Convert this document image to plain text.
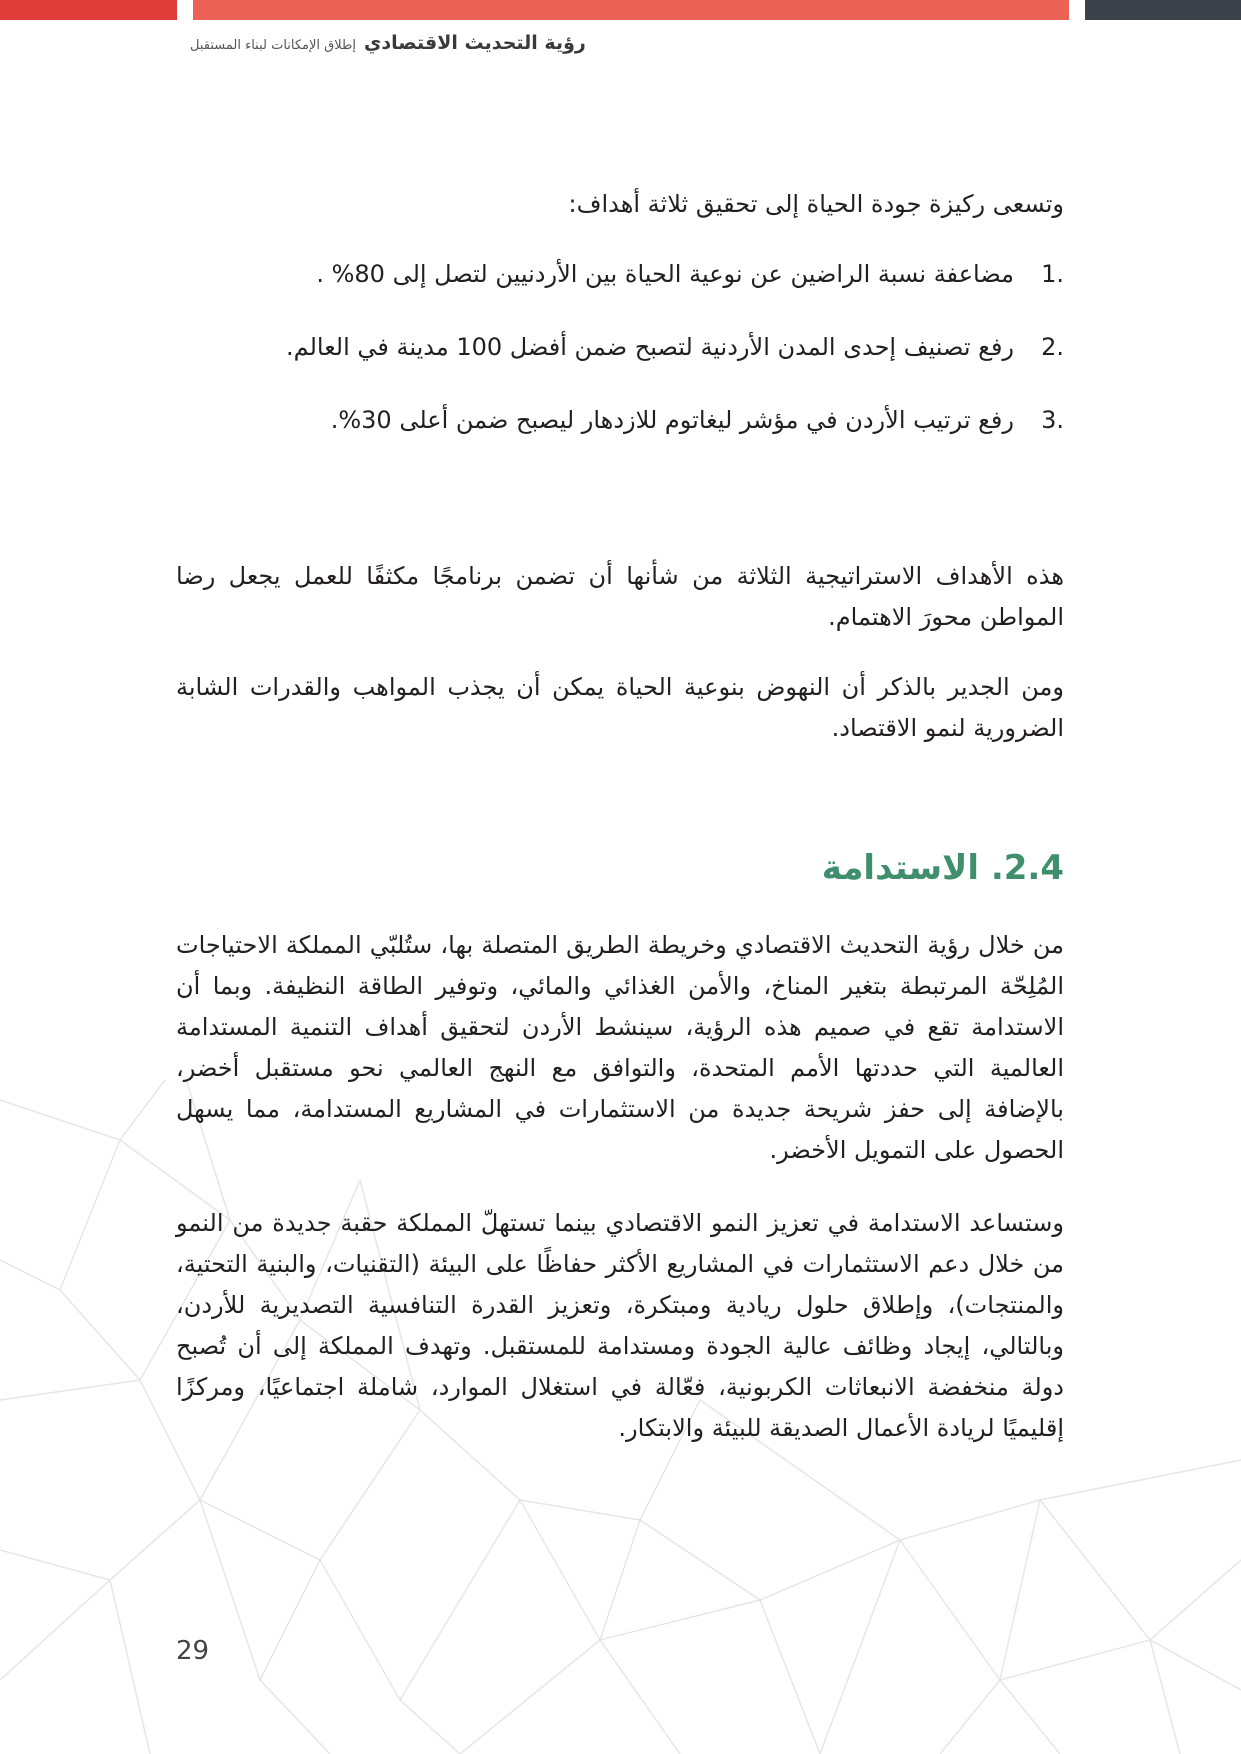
رؤية التحديث الاقتصادي
إطلاق الإمكانات لبناء المستقبل
وتسعى ركيزة جودة الحياة إلى تحقيق ثلاثة أهداف:
1.
مضاعفة نسبة الراضين عن نوعية الحياة بين الأردنيين لتصل إلى 80% .
2.
رفع تصنيف إحدى المدن الأردنية لتصبح ضمن أفضل 100 مدينة في العالم.
3.
رفع ترتيب الأردن في مؤشر ليغاتوم للازدهار ليصبح ضمن أعلى 30%.
هذه الأهداف الاستراتيجية الثلاثة من شأنها أن تضمن برنامجًا مكثفًا للعمل يجعل رضا المواطن محورَ الاهتمام.
ومن الجدير بالذكر أن النهوض بنوعية الحياة يمكن أن يجذب المواهب والقدرات الشابة الضرورية لنمو الاقتصاد.
2.4. الاستدامة
من خلال رؤية التحديث الاقتصادي وخريطة الطريق المتصلة بها، ستُلبّي المملكة الاحتياجات المُلِحّة المرتبطة بتغير المناخ، والأمن الغذائي والمائي، وتوفير الطاقة النظيفة. وبما أن الاستدامة تقع في صميم هذه الرؤية، سينشط الأردن لتحقيق أهداف التنمية المستدامة العالمية التي حددتها الأمم المتحدة، والتوافق مع النهج العالمي نحو مستقبل أخضر، بالإضافة إلى حفز شريحة جديدة من الاستثمارات في المشاريع المستدامة، مما يسهل الحصول على التمويل الأخضر.
وستساعد الاستدامة في تعزيز النمو الاقتصادي بينما تستهلّ المملكة حقبة جديدة من النمو من خلال دعم الاستثمارات في المشاريع الأكثر حفاظًا على البيئة (التقنيات، والبنية التحتية، والمنتجات)، وإطلاق حلول ريادية ومبتكرة، وتعزيز القدرة التنافسية التصديرية للأردن، وبالتالي، إيجاد وظائف عالية الجودة ومستدامة للمستقبل. وتهدف المملكة إلى أن تُصبح دولة منخفضة الانبعاثات الكربونية، فعّالة في استغلال الموارد، شاملة اجتماعيًا، ومركزًا إقليميًا لريادة الأعمال الصديقة للبيئة والابتكار.
29
